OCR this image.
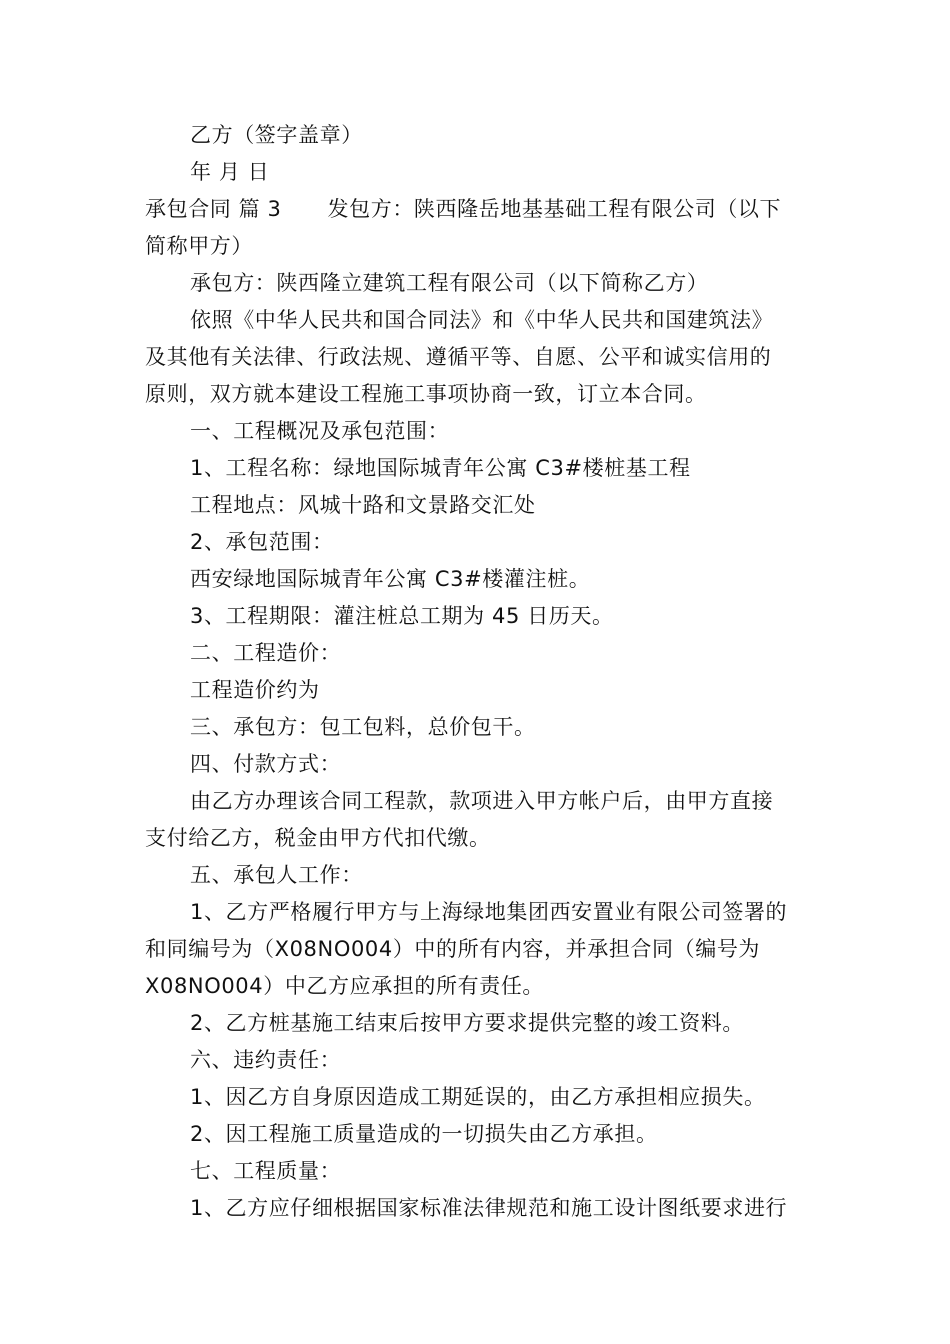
乙方（签字盖章）
年 月 日
承包合同 篇 3 发包方：陕西隆岳地基基础工程有限公司（以下
简称甲方）
承包方：陕西隆立建筑工程有限公司（以下简称乙方）
依照《中华人民共和国合同法》和《中华人民共和国建筑法》
及其他有关法律、行政法规、遵循平等、自愿、公平和诚实信用的
原则，双方就本建设工程施工事项协商一致，订立本合同。
一、工程概况及承包范围：
1、工程名称：绿地国际城青年公寓 C3#楼桩基工程
工程地点：风城十路和文景路交汇处
2、承包范围：
西安绿地国际城青年公寓 C3#楼灌注桩。
3、工程期限：灌注桩总工期为 45 日历天。
二、工程造价：
工程造价约为
三、承包方：包工包料，总价包干。
四、付款方式：
由乙方办理该合同工程款，款项进入甲方帐户后，由甲方直接
支付给乙方，税金由甲方代扣代缴。
五、承包人工作：
1、乙方严格履行甲方与上海绿地集团西安置业有限公司签署的
和同编号为（X08NO004）中的所有内容，并承担合同（编号为
X08NO004）中乙方应承担的所有责任。
2、乙方桩基施工结束后按甲方要求提供完整的竣工资料。
六、违约责任：
1、因乙方自身原因造成工期延误的，由乙方承担相应损失。
2、因工程施工质量造成的一切损失由乙方承担。
七、工程质量：
1、乙方应仔细根据国家标准法律规范和施工设计图纸要求进行
